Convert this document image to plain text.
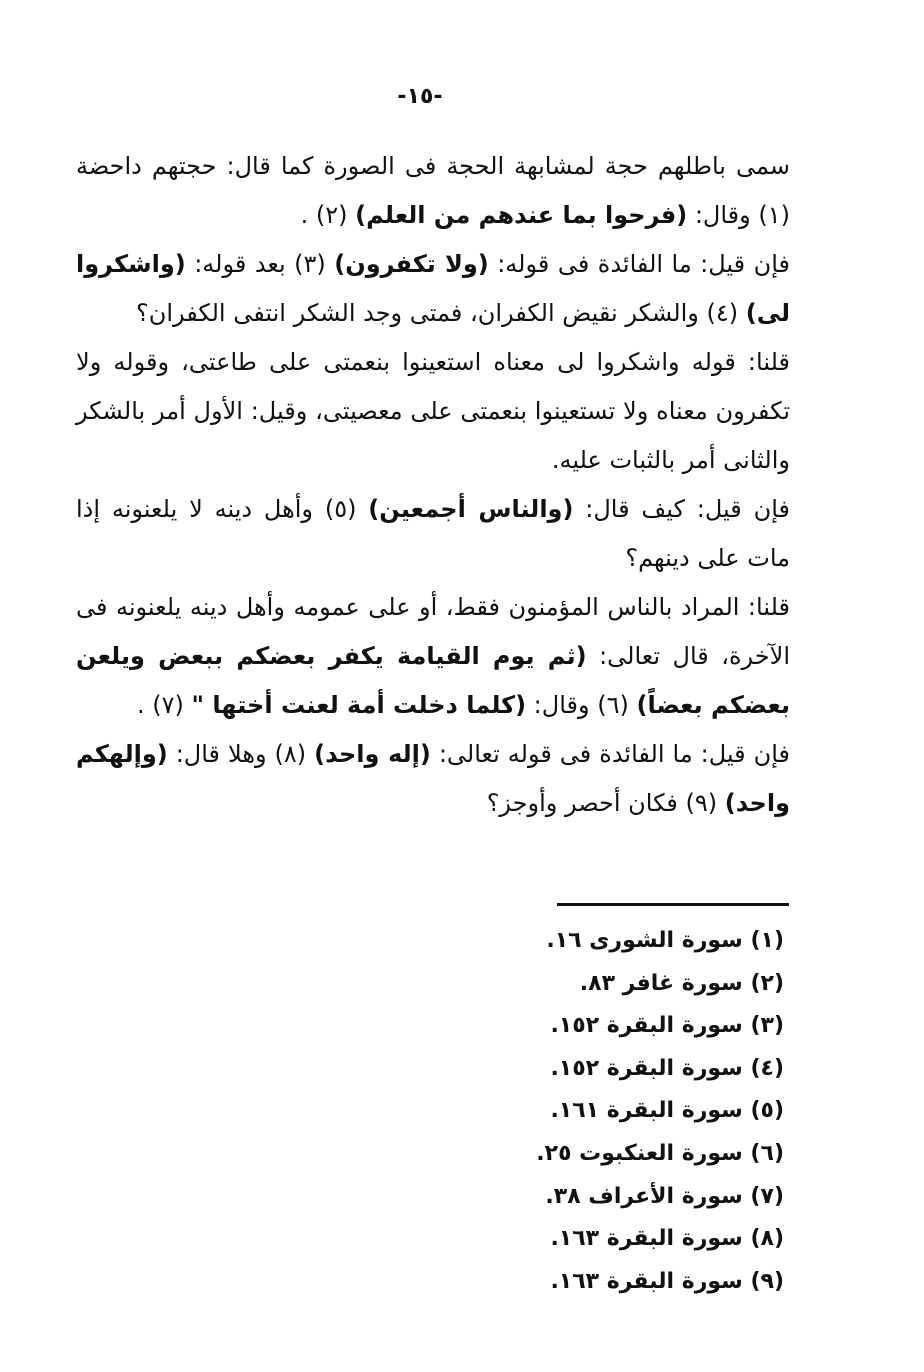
-١٥-

سمى باطلهم حجة لمشابهة الحجة فى الصورة كما قال: حجتهم داحضة (١) وقال: (فرحوا بما عندهم من العلم) (٢) .

فإن قيل: ما الفائدة فى قوله: (ولا تكفرون) (٣) بعد قوله: (واشكروا لى) (٤) والشكر نقيض الكفران، فمتى وجد الشكر انتفى الكفران؟

قلنا: قوله واشكروا لى معناه استعينوا بنعمتى على طاعتى، وقوله ولا تكفرون معناه ولا تستعينوا بنعمتى على معصيتى، وقيل: الأول أمر بالشكر والثانى أمر بالثبات عليه.

فإن قيل: كيف قال: (والناس أجمعين) (٥) وأهل دينه لا يلعنونه إذا مات على دينهم؟

قلنا: المراد بالناس المؤمنون فقط، أو على عمومه وأهل دينه يلعنونه فى الآخرة، قال تعالى: (ثم يوم القيامة يكفر بعضكم ببعض ويلعن بعضكم بعضاً) (٦) وقال: (كلما دخلت أمة لعنت أختها " (٧) .

فإن قيل: ما الفائدة فى قوله تعالى: (إله واحد) (٨) وهلا قال: (وإلهكم واحد) (٩) فكان أحصر وأوجز؟

(١) سورة الشورى ١٦.
(٢) سورة غافر ٨٣.
(٣) سورة البقرة ١٥٢.
(٤) سورة البقرة ١٥٢.
(٥) سورة البقرة ١٦١.
(٦) سورة العنكبوت ٢٥.
(٧) سورة الأعراف ٣٨.
(٨) سورة البقرة ١٦٣.
(٩) سورة البقرة ١٦٣.
